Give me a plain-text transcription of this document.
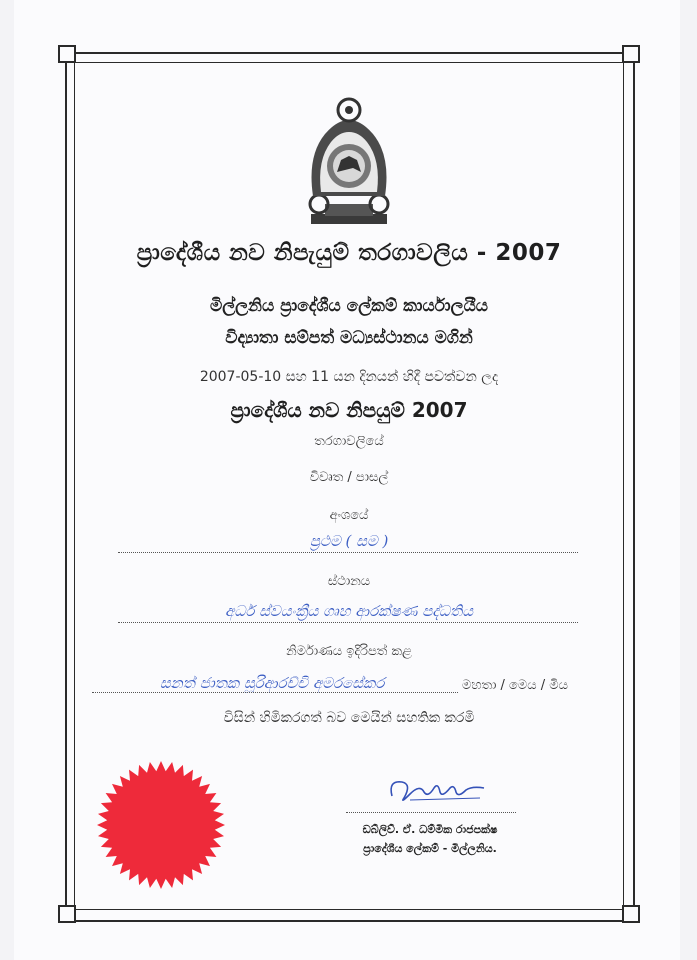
ප්‍රාදේශීය නව නිපැයුම් තරගාවලිය - 2007
මිල්ලනිය ප්‍රාදේශීය ලේකම් කාර්යාලයීය
විද්‍යාතා සම්පත් මධ්‍යස්ථානය මගින්
2007-05-10 සහ 11 යන දිනයන් හිදී පවත්වන ලද
ප්‍රාදේශීය නව නිපයුම් 2007
තරගාවලියේ
විවෘත / පාසල්
අංශයේ
ප්‍රථම ( සම )
ස්ථානය
අර්ධ ස්වයංක්‍රීය ගෘහ ආරක්ෂණ පද්ධතිය
නිර්මාණය ඉදිරිපත් කළ
සනත් ජාතක සූරිආරච්චි අමරසේකර	මහතා / මෙය / මිය
විසින් හිමිකරගත් බව මෙයින් සහතික කරමි
ඩබ්ලිව්. ඒ. ධම්මික රාජපක්ෂ
ප්‍රාදේශීය ලේකම් - මිල්ලනිය.
